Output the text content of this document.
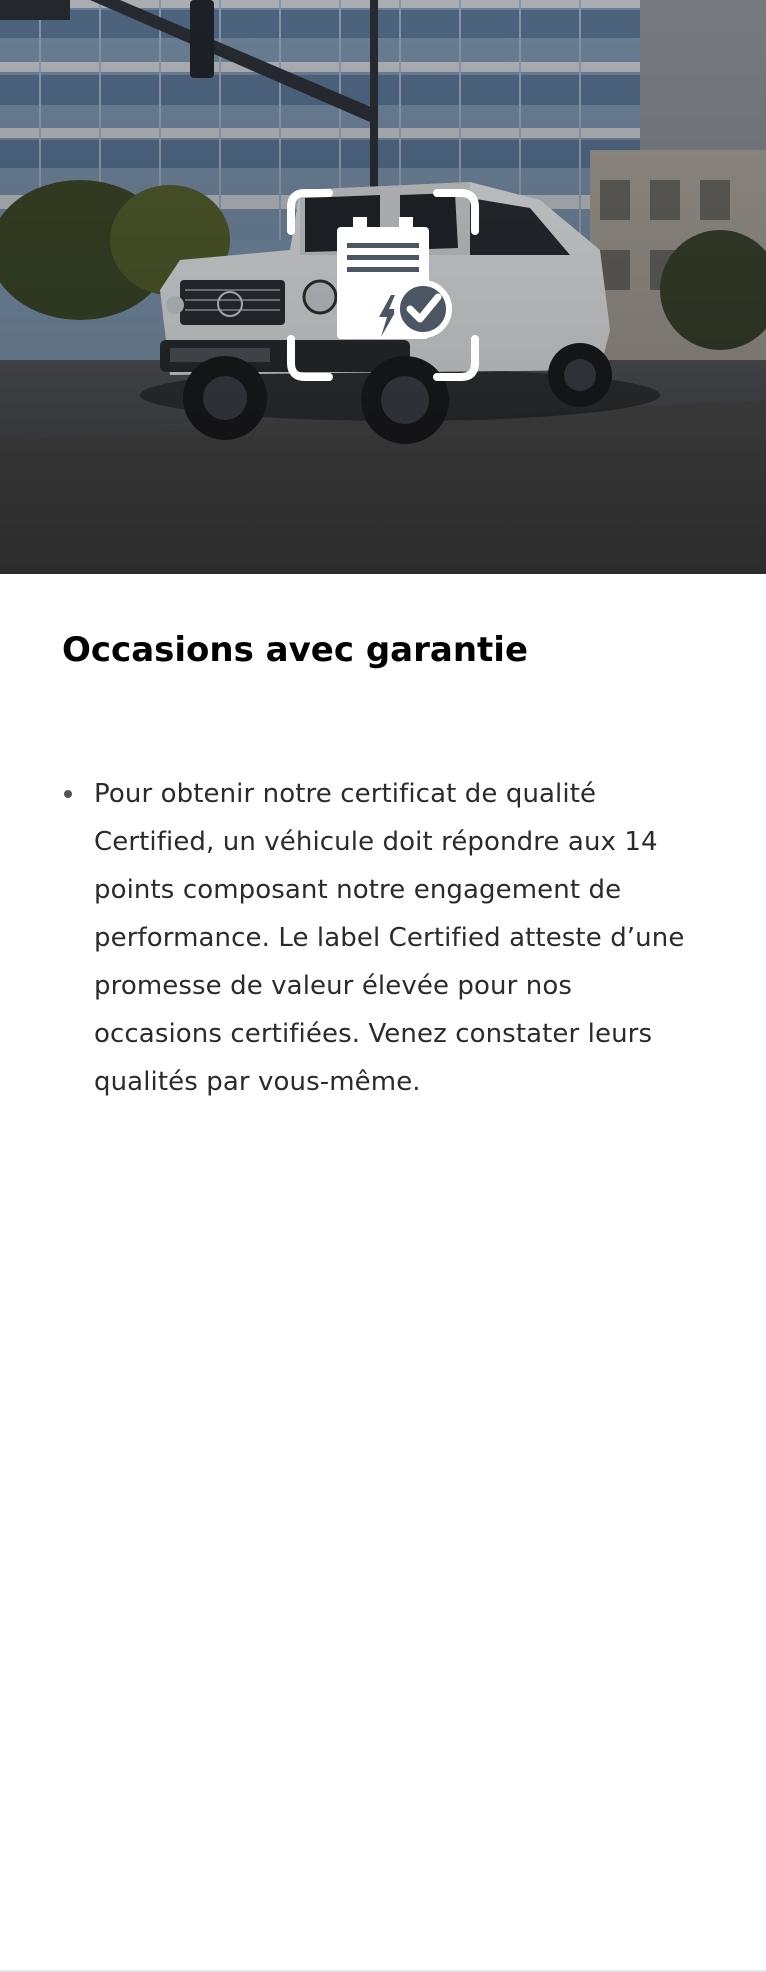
Occasions avec garantie
Pour obtenir notre certificat de qualité Certified, un véhicule doit répondre aux 14 points composant notre engagement de performance. Le label Certified atteste d’une promesse de valeur élevée pour nos occasions certifiées. Venez constater leurs qualités par vous-même.
